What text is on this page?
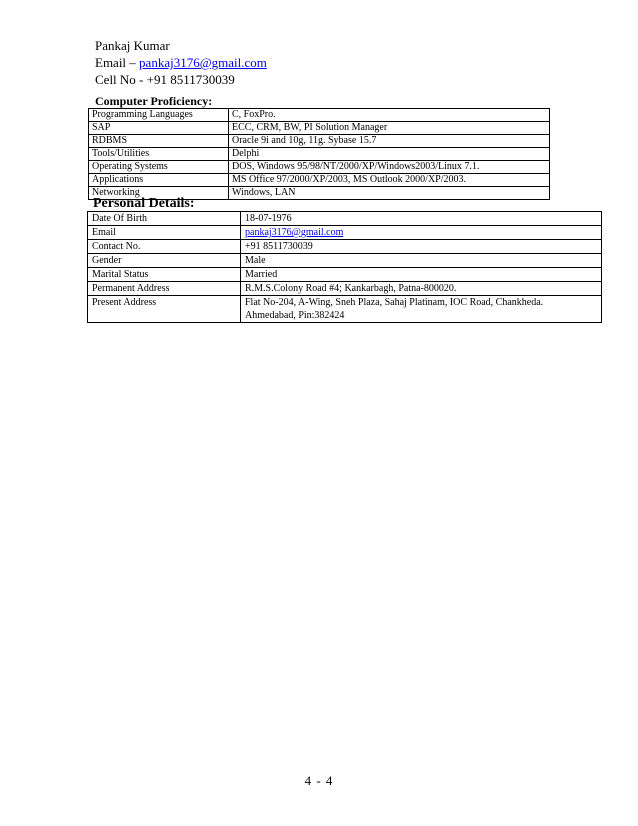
Pankaj Kumar
Email – pankaj3176@gmail.com
Cell No - +91 8511730039
Computer Proficiency:
Programming Languages	C, FoxPro.
SAP	ECC, CRM, BW, PI Solution Manager
RDBMS	Oracle 9i and 10g, 11g. Sybase 15.7
Tools/Utilities	Delphi
Operating Systems	DOS, Windows 95/98/NT/2000/XP/Windows2003/Linux 7.1.
Applications	MS Office 97/2000/XP/2003, MS Outlook 2000/XP/2003.
Networking	Windows, LAN
Personal Details:
Date Of Birth	18-07-1976
Email	pankaj3176@gmail.com
Contact No.	+91 8511730039
Gender	Male
Marital Status	Married
Permanent Address	R.M.S.Colony Road #4; Kankarbagh, Patna-800020.
Present Address	Flat No-204, A-Wing, Sneh Plaza, Sahaj Platinam, IOC Road, Chankheda.
Ahmedabad, Pin:382424
4 - 4
